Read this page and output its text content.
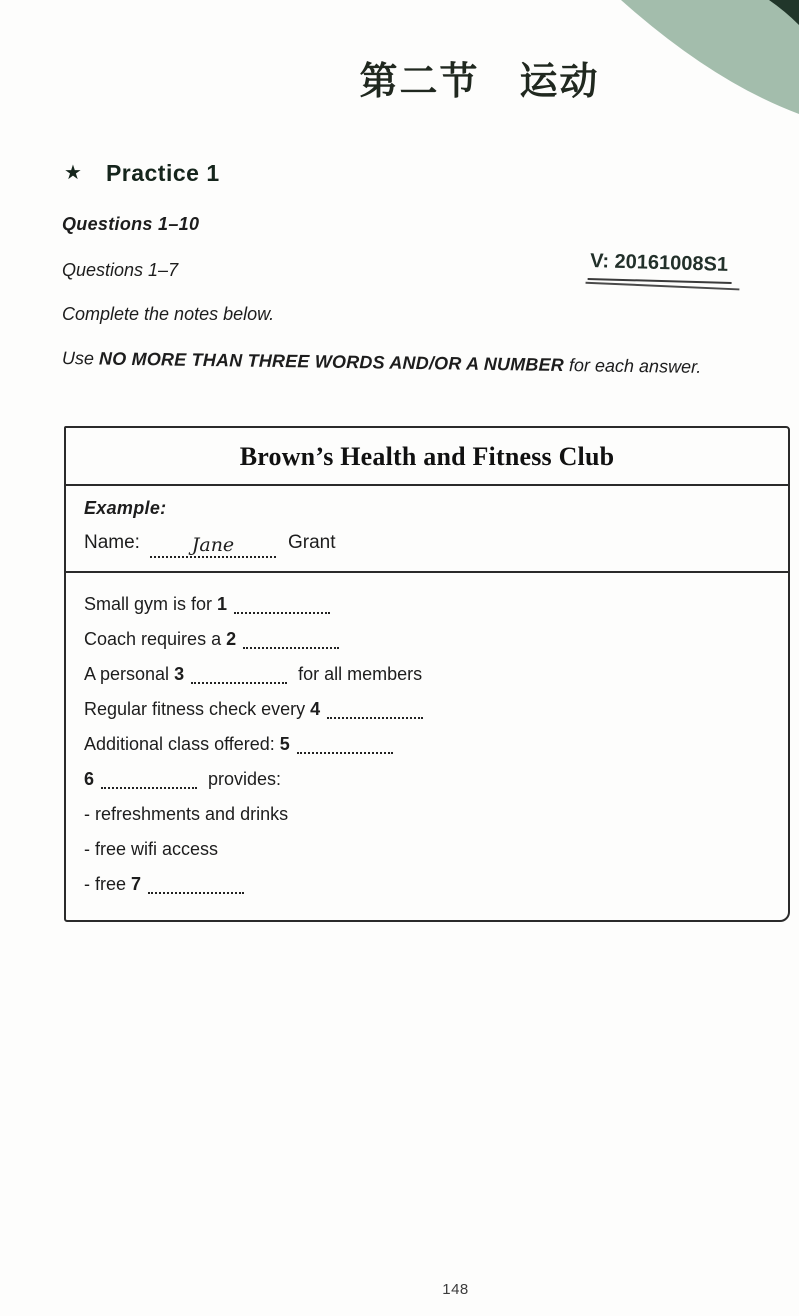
第二节　运动
★ Practice 1
Questions 1–10
Questions 1–7	V: 20161008S1
Complete the notes below.
Use NO MORE THAN THREE WORDS AND/OR A NUMBER for each answer.
Brown’s Health and Fitness Club
Example:
Name:	Jane	Grant
Small gym is for 1
Coach requires a 2
A personal 3	for all members
Regular fitness check every 4
Additional class offered: 5
6	provides:
- refreshments and drinks
- free wifi access
- free 7
148
